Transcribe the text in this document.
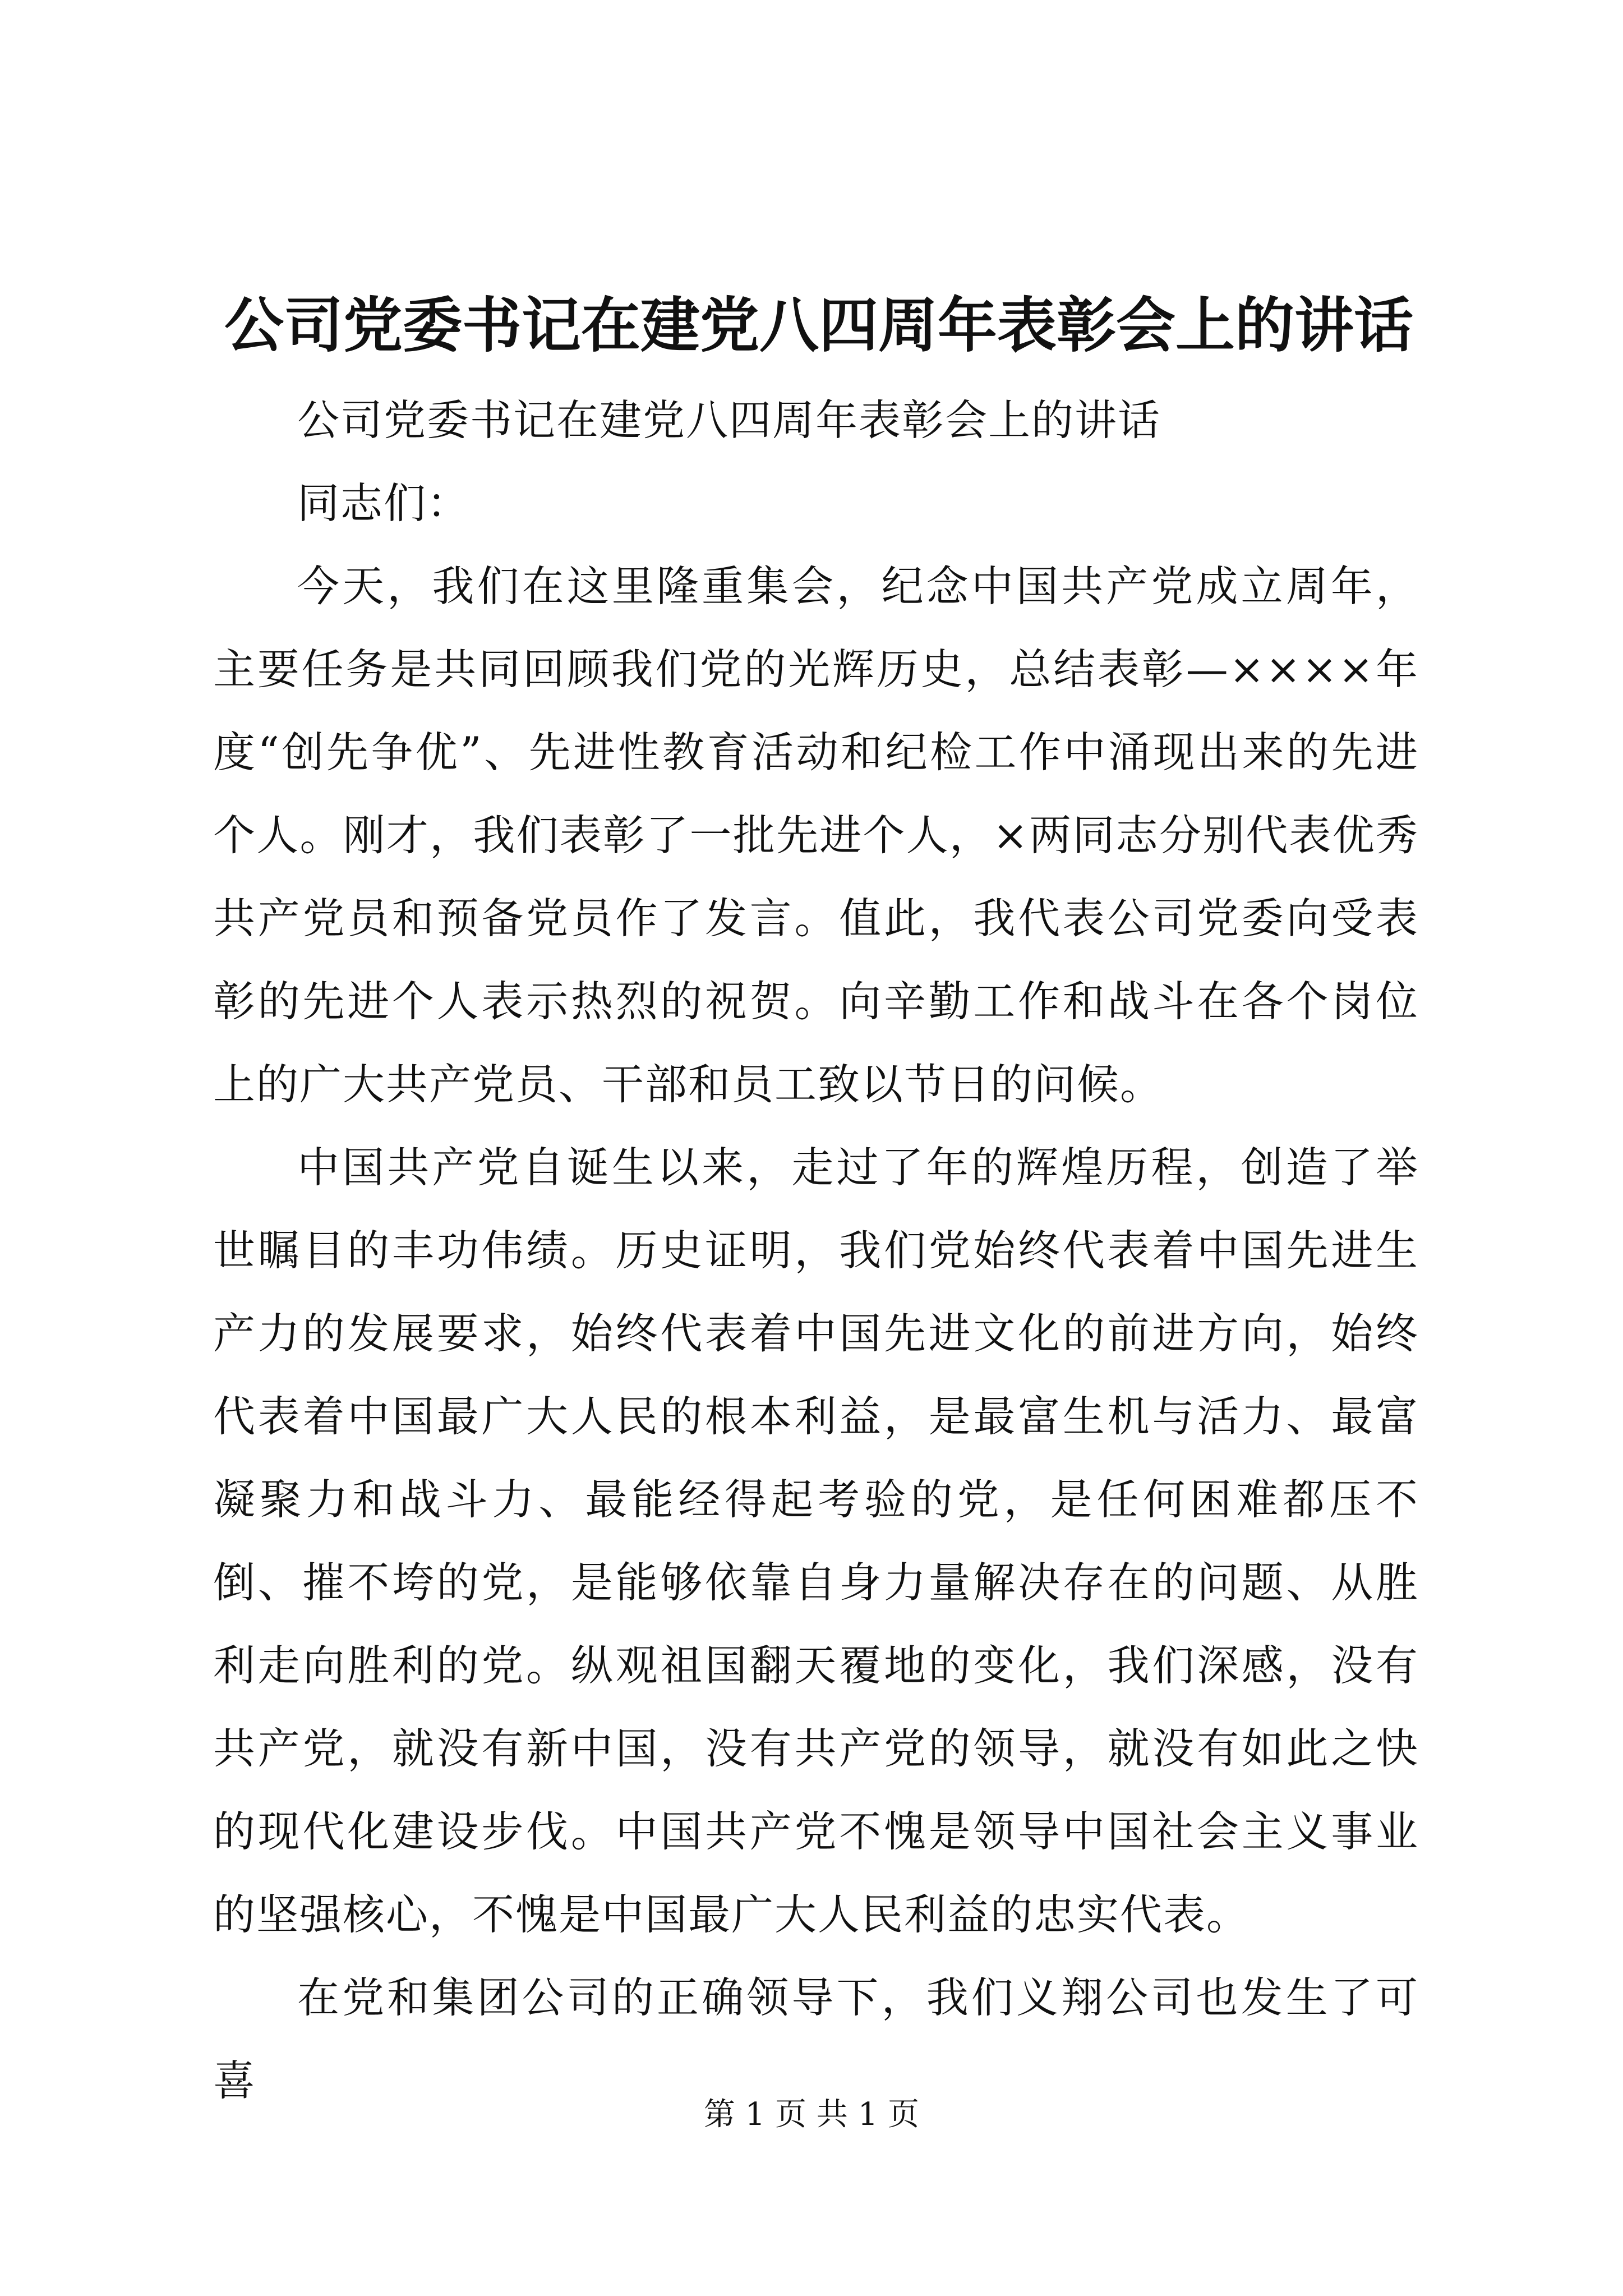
公司党委书记在建党八四周年表彰会上的讲话

公司党委书记在建党八四周年表彰会上的讲话

同志们：

今天，我们在这里隆重集会，纪念中国共产党成立周年，主要任务是共同回顾我们党的光辉历史，总结表彰—××××年度“创先争优”、先进性教育活动和纪检工作中涌现出来的先进个人。刚才，我们表彰了一批先进个人，×两同志分别代表优秀共产党员和预备党员作了发言。值此，我代表公司党委向受表彰的先进个人表示热烈的祝贺。向辛勤工作和战斗在各个岗位上的广大共产党员、干部和员工致以节日的问候。

中国共产党自诞生以来，走过了年的辉煌历程，创造了举世瞩目的丰功伟绩。历史证明，我们党始终代表着中国先进生产力的发展要求，始终代表着中国先进文化的前进方向，始终代表着中国最广大人民的根本利益，是最富生机与活力、最富凝聚力和战斗力、最能经得起考验的党，是任何困难都压不倒、摧不垮的党，是能够依靠自身力量解决存在的问题、从胜利走向胜利的党。纵观祖国翻天覆地的变化，我们深感，没有共产党，就没有新中国，没有共产党的领导，就没有如此之快的现代化建设步伐。中国共产党不愧是领导中国社会主义事业的坚强核心，不愧是中国最广大人民利益的忠实代表。

在党和集团公司的正确领导下，我们义翔公司也发生了可喜

第 1 页 共 1 页
